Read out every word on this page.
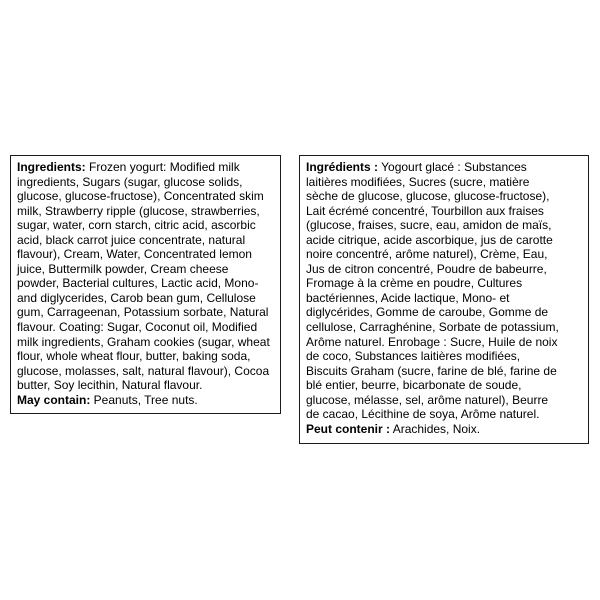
Ingredients: Frozen yogurt: Modified milk
ingredients, Sugars (sugar, glucose solids,
glucose, glucose-fructose), Concentrated skim
milk, Strawberry ripple (glucose, strawberries,
sugar, water, corn starch, citric acid, ascorbic
acid, black carrot juice concentrate, natural
flavour), Cream, Water, Concentrated lemon
juice, Buttermilk powder, Cream cheese
powder, Bacterial cultures, Lactic acid, Mono-
and diglycerides, Carob bean gum, Cellulose
gum, Carrageenan, Potassium sorbate, Natural
flavour. Coating: Sugar, Coconut oil, Modified
milk ingredients, Graham cookies (sugar, wheat
flour, whole wheat flour, butter, baking soda,
glucose, molasses, salt, natural flavour), Cocoa
butter, Soy lecithin, Natural flavour.
May contain: Peanuts, Tree nuts.
Ingrédients : Yogourt glacé : Substances
laitières modifiées, Sucres (sucre, matière
sèche de glucose, glucose, glucose-fructose),
Lait écrémé concentré, Tourbillon aux fraises
(glucose, fraises, sucre, eau, amidon de maïs,
acide citrique, acide ascorbique, jus de carotte
noire concentré, arôme naturel), Crème, Eau,
Jus de citron concentré, Poudre de babeurre,
Fromage à la crème en poudre, Cultures
bactériennes, Acide lactique, Mono- et
diglycérides, Gomme de caroube, Gomme de
cellulose, Carraghénine, Sorbate de potassium,
Arôme naturel. Enrobage : Sucre, Huile de noix
de coco, Substances laitières modifiées,
Biscuits Graham (sucre, farine de blé, farine de
blé entier, beurre, bicarbonate de soude,
glucose, mélasse, sel, arôme naturel), Beurre
de cacao, Lécithine de soya, Arôme naturel.
Peut contenir : Arachides, Noix.
